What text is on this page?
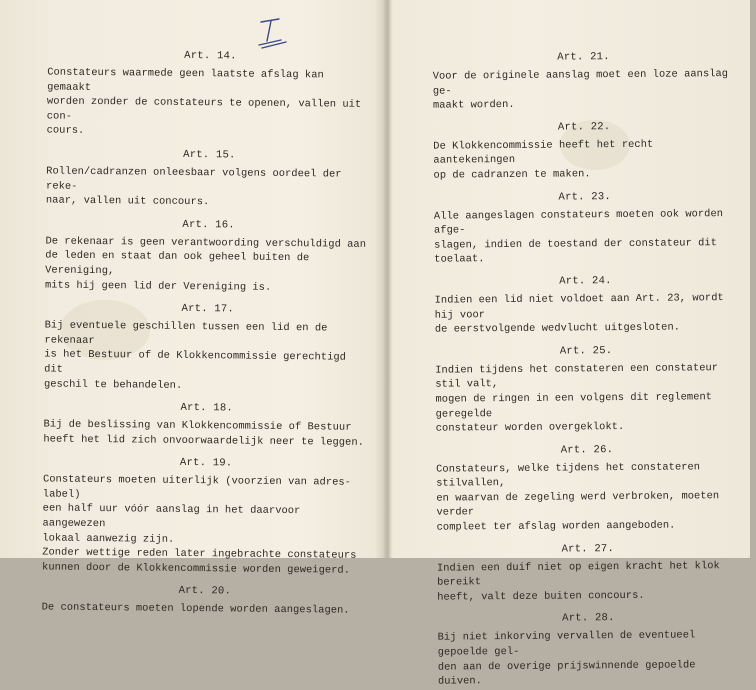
Art. 14.
Constateurs waarmede geen laatste afslag kan gemaakt
worden zonder de constateurs te openen, vallen uit con-
cours.
Art. 15.
Rollen/cadranzen onleesbaar volgens oordeel der reke-
naar, vallen uit concours.
Art. 16.
De rekenaar is geen verantwoording verschuldigd aan
de leden en staat dan ook geheel buiten de Vereniging,
mits hij geen lid der Vereniging is.
Art. 17.
Bij eventuele geschillen tussen een lid en de rekenaar
is het Bestuur of de Klokkencommissie gerechtigd dit
geschil te behandelen.
Art. 18.
Bij de beslissing van Klokkencommissie of Bestuur
heeft het lid zich onvoorwaardelijk neer te leggen.
Art. 19.
Constateurs moeten uiterlijk (voorzien van adres-label)
een half uur vóór aanslag in het daarvoor aangewezen
lokaal aanwezig zijn.
Zonder wettige reden later ingebrachte constateurs
kunnen door de Klokkencommissie worden geweigerd.
Art. 20.
De constateurs moeten lopende worden aangeslagen.
Art. 21.
Voor de originele aanslag moet een loze aanslag ge-
maakt worden.
Art. 22.
De Klokkencommissie heeft het recht aantekeningen
op de cadranzen te maken.
Art. 23.
Alle aangeslagen constateurs moeten ook worden afge-
slagen, indien de toestand der constateur dit toelaat.
Art. 24.
Indien een lid niet voldoet aan Art. 23, wordt hij voor
de eerstvolgende wedvlucht uitgesloten.
Art. 25.
Indien tijdens het constateren een constateur stil valt,
mogen de ringen in een volgens dit reglement geregelde
constateur worden overgeklokt.
Art. 26.
Constateurs, welke tijdens het constateren stilvallen,
en waarvan de zegeling werd verbroken, moeten verder
compleet ter afslag worden aangeboden.
Art. 27.
Indien een duif niet op eigen kracht het klok bereikt
heeft, valt deze buiten concours.
Art. 28.
Bij niet inkorving vervallen de eventueel gepoelde gel-
den aan de overige prijswinnende gepoelde duiven.
